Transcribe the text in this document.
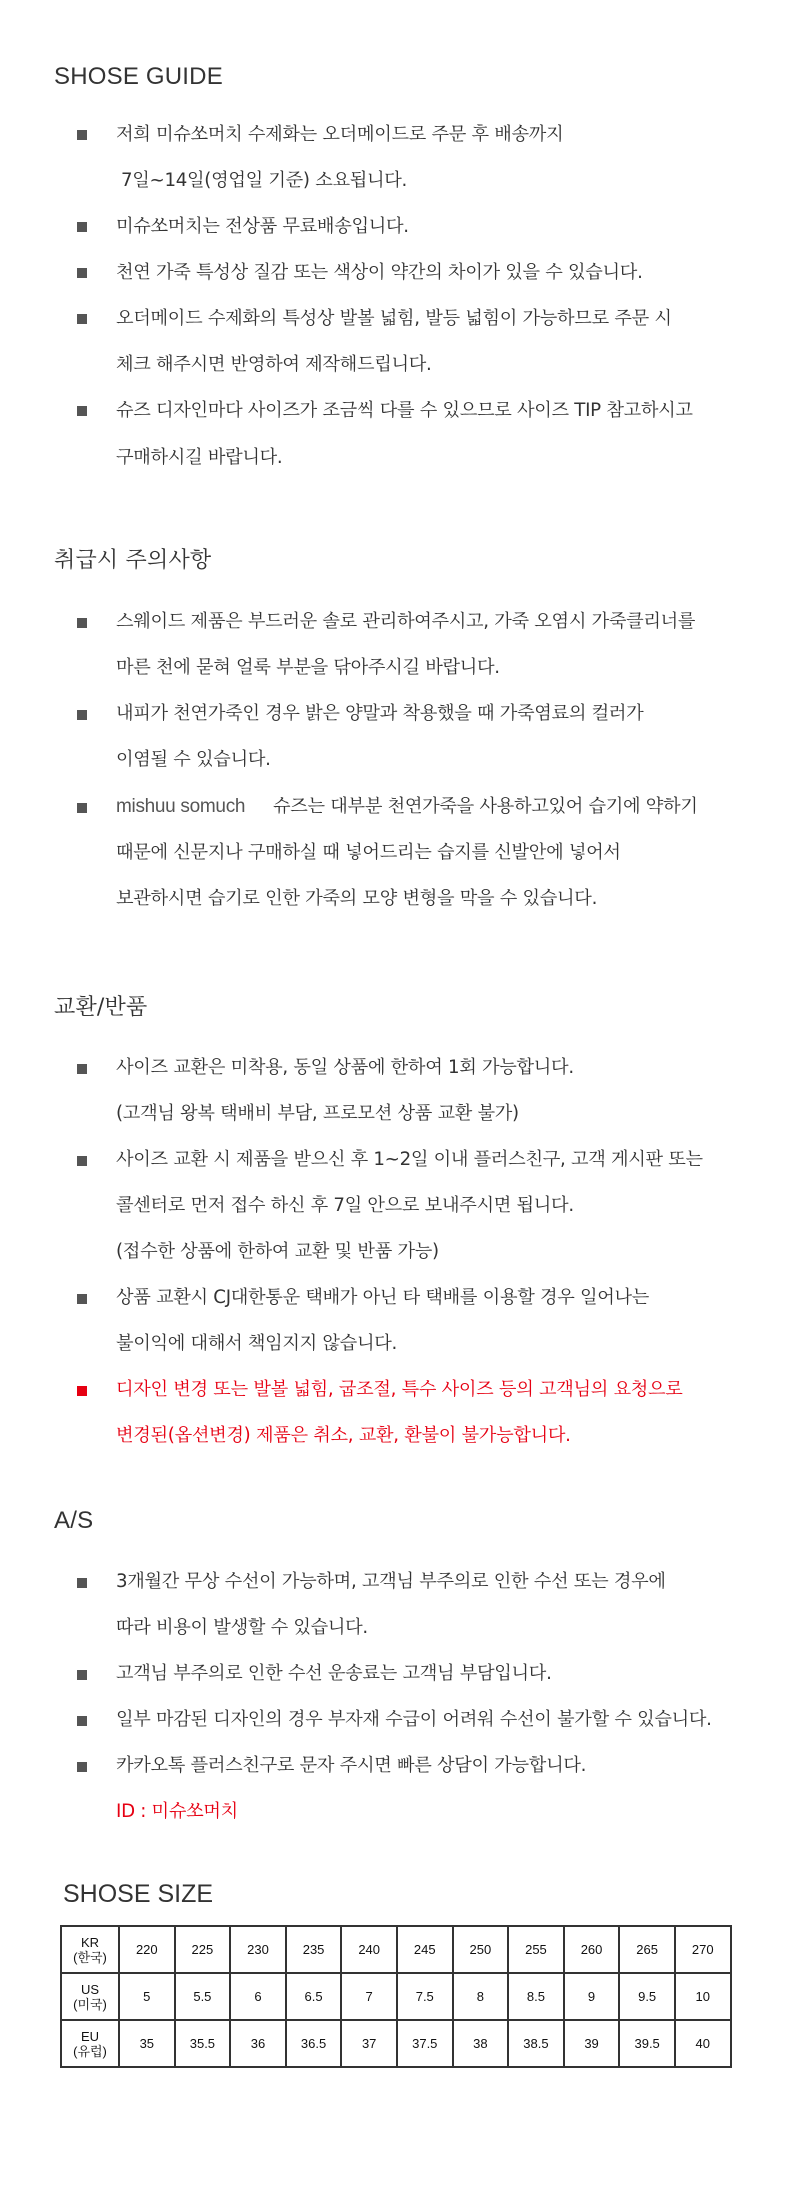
SHOSE GUIDE
저희 미슈쏘머치 수제화는 오더메이드로 주문 후 배송까지
7일~14일(영업일 기준) 소요됩니다.
미슈쏘머치는 전상품 무료배송입니다.
천연 가죽 특성상 질감 또는 색상이 약간의 차이가 있을 수 있습니다.
오더메이드 수제화의 특성상 발볼 넓힘, 발등 넓힘이 가능하므로 주문 시
체크 해주시면 반영하여 제작해드립니다.
슈즈 디자인마다 사이즈가 조금씩 다를 수 있으므로 사이즈 TIP 참고하시고
구매하시길 바랍니다.
취급시 주의사항
스웨이드 제품은 부드러운 솔로 관리하여주시고, 가죽 오염시 가죽클리너를
마른 천에 묻혀 얼룩 부분을 닦아주시길 바랍니다.
내피가 천연가죽인 경우 밝은 양말과 착용했을 때 가죽염료의 컬러가
이염될 수 있습니다.
mishuu somuch 슈즈는 대부분 천연가죽을 사용하고있어 습기에 약하기
때문에 신문지나 구매하실 때 넣어드리는 습지를 신발안에 넣어서
보관하시면 습기로 인한 가죽의 모양 변형을 막을 수 있습니다.
교환/반품
사이즈 교환은 미착용, 동일 상품에 한하여 1회 가능합니다.
(고객님 왕복 택배비 부담, 프로모션 상품 교환 불가)
사이즈 교환 시 제품을 받으신 후 1~2일 이내 플러스친구, 고객 게시판 또는
콜센터로 먼저 접수 하신 후 7일 안으로 보내주시면 됩니다.
(접수한 상품에 한하여 교환 및 반품 가능)
상품 교환시 CJ대한통운 택배가 아닌 타 택배를 이용할 경우 일어나는
불이익에 대해서 책임지지 않습니다.
디자인 변경 또는 발볼 넓힘, 굽조절, 특수 사이즈 등의 고객님의 요청으로
변경된(옵션변경) 제품은 취소, 교환, 환불이 불가능합니다.
A/S
3개월간 무상 수선이 가능하며, 고객님 부주의로 인한 수선 또는 경우에
따라 비용이 발생할 수 있습니다.
고객님 부주의로 인한 수선 운송료는 고객님 부담입니다.
일부 마감된 디자인의 경우 부자재 수급이 어려워 수선이 불가할 수 있습니다.
카카오톡 플러스친구로 문자 주시면 빠른 상담이 가능합니다.
ID : 미슈쏘머치
SHOSE SIZE
KR
(한국)	220	225	230	235	240	245	250	255	260	265	270

US
(미국)	5	5.5	6	6.5	7	7.5	8	8.5	9	9.5	10

EU
(유럽)	35	35.5	36	36.5	37	37.5	38	38.5	39	39.5	40
